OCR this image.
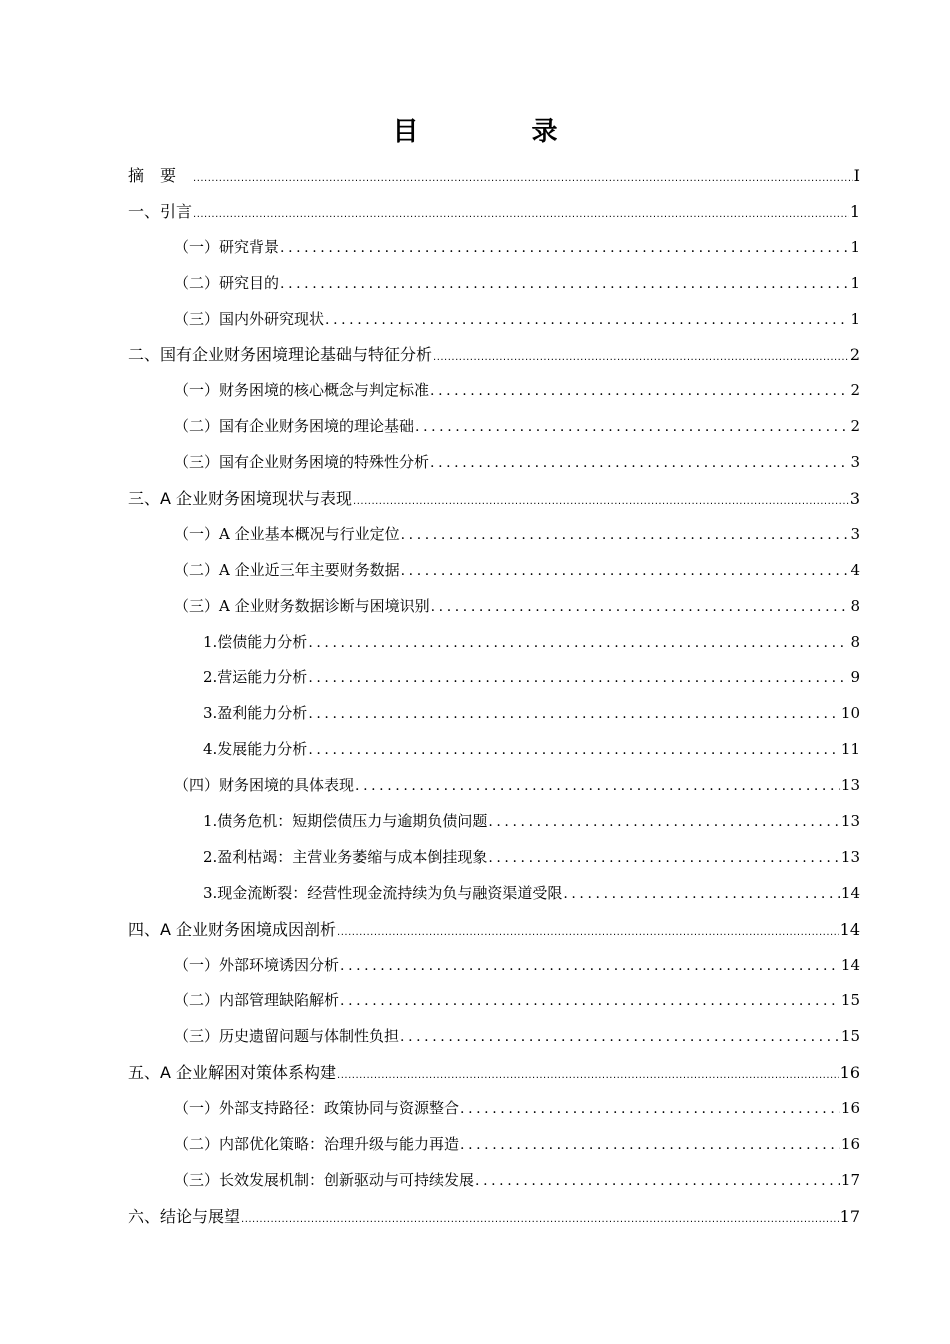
目 录
摘要 .....	I
一、引言 .....	1
（一）研究背景 .....	1
（二）研究目的 .....	1
（三）国内外研究现状 .....	1
二、国有企业财务困境理论基础与特征分析 .....	2
（一）财务困境的核心概念与判定标准 .....	2
（二）国有企业财务困境的理论基础 .....	2
（三）国有企业财务困境的特殊性分析 .....	3
三、A 企业财务困境现状与表现 .....	3
（一）A 企业基本概况与行业定位 .....	3
（二）A 企业近三年主要财务数据 .....	4
（三）A 企业财务数据诊断与困境识别 .....	8
1.偿债能力分析 .....	8
2.营运能力分析 .....	9
3.盈利能力分析 .....	10
4.发展能力分析 .....	11
（四）财务困境的具体表现 .....	13
1.债务危机：短期偿债压力与逾期负债问题 .....	13
2.盈利枯竭：主营业务萎缩与成本倒挂现象 .....	13
3.现金流断裂：经营性现金流持续为负与融资渠道受限 .....	14
四、A 企业财务困境成因剖析 .....	14
（一）外部环境诱因分析 .....	14
（二）内部管理缺陷解析 .....	15
（三）历史遗留问题与体制性负担 .....	15
五、A 企业解困对策体系构建 .....	16
（一）外部支持路径：政策协同与资源整合 .....	16
（二）内部优化策略：治理升级与能力再造 .....	16
（三）长效发展机制：创新驱动与可持续发展 .....	17
六、结论与展望 .....	17
